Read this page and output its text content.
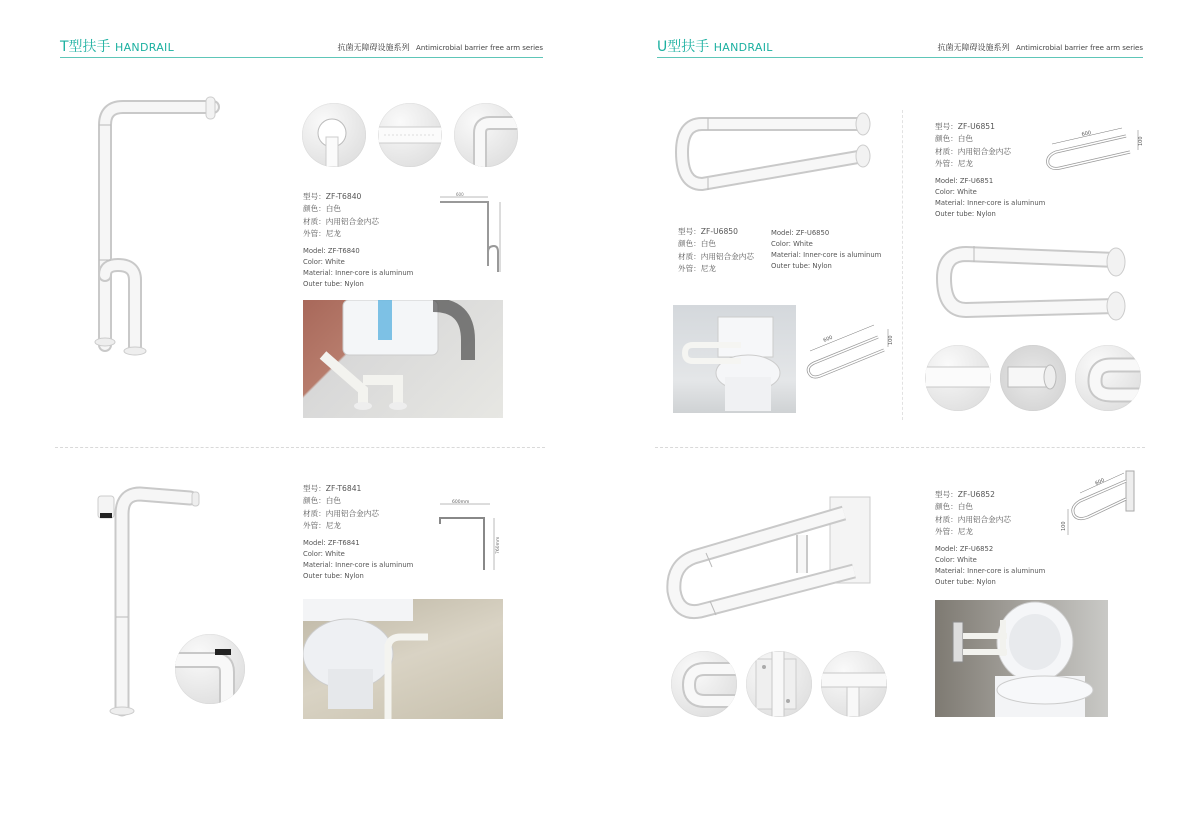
T型扶手 HANDRAIL	抗菌无障碍设施系列 Antimicrobial barrier free arm series	U型扶手 HANDRAIL	抗菌无障碍设施系列 Antimicrobial barrier free arm series
型号：ZF-T6840
颜色：白色
材质：内用铝合金内芯
外管：尼龙
Model: ZF-T6840
Color: White
Material: Inner-core is aluminum
Outer tube: Nylon
600
型号：ZF-T6841
颜色：白色
材质：内用铝合金内芯
外管：尼龙
Model: ZF-T6841
Color: White
Material: Inner-core is aluminum
Outer tube: Nylon
600mm
760mm
型号：ZF-U6850
颜色：白色
材质：内用铝合金内芯
外管：尼龙
Model: ZF-U6850
Color: White
Material: Inner-core is aluminum
Outer tube: Nylon
600	100
型号：ZF-U6851
颜色：白色
材质：内用铝合金内芯
外管：尼龙
Model: ZF-U6851
Color: White
Material: Inner-core is aluminum
Outer tube: Nylon
600
100
型号：ZF-U6852
颜色：白色
材质：内用铝合金内芯
外管：尼龙
Model: ZF-U6852
Color: White
Material: Inner-core is aluminum
Outer tube: Nylon
600
100
